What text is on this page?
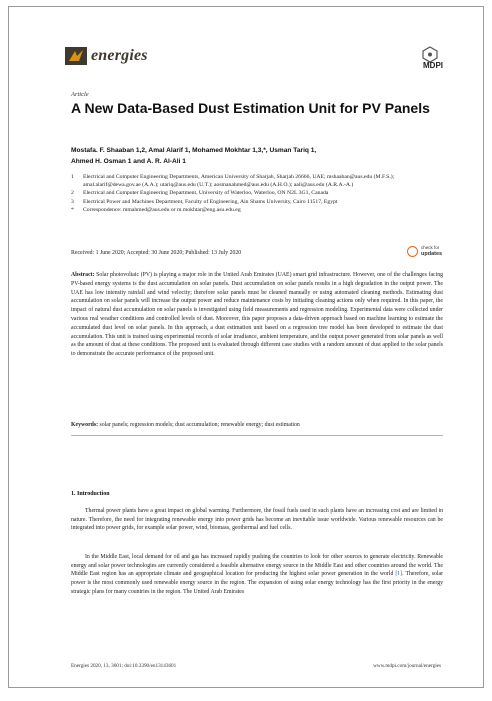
energies
MDPI
Article
A New Data-Based Dust Estimation Unit for PV Panels
Mostafa. F. Shaaban 1,2, Amal Alarif 1, Mohamed Mokhtar 1,3,*, Usman Tariq 1,
Ahmed H. Osman 1 and A. R. Al-Ali 1
1 Electrical and Computer Engineering Departments, American University of Sharjah, Sharjah 26666, UAE; mshaaban@aus.edu (M.F.S.); amal.alarif@dewa.gov.ae (A.A.); utariq@aus.edu (U.T.); aosmanahmed@aus.edu (A.H.O.); aali@aus.edu (A.R.A.-A.)
2 Electrical and Computer Engineering Department, University of Waterloo, Waterloo, ON N2L 3G1, Canada
3 Electrical Power and Machines Department, Faculty of Engineering, Ain Shams University, Cairo 11517, Egypt
* Correspondence: mmahmed@aus.edu or m.mokhtar@eng.asu.edu.eg
Received: 1 June 2020; Accepted: 30 June 2020; Published: 13 July 2020
check for
updates

Abstract: Solar photovoltaic (PV) is playing a major role in the United Arab Emirates (UAE) smart grid infrastructure. However, one of the challenges facing PV-based energy systems is the dust accumulation on solar panels. Dust accumulation on solar panels results in a high degradation in the output power. The UAE has low intensity rainfall and wind velocity; therefore solar panels must be cleaned manually or using automated cleaning methods. Estimating dust accumulation on solar panels will increase the output power and reduce maintenance costs by initiating cleaning actions only when required. In this paper, the impact of natural dust accumulation on solar panels is investigated using field measurements and regression modeling. Experimental data were collected under various real weather conditions and controlled levels of dust. Moreover, this paper proposes a data-driven approach based on machine learning to estimate the accumulated dust level on solar panels. In this approach, a dust estimation unit based on a regression tree model has been developed to estimate the dust accumulation. This unit is trained using experimental records of solar irradiance, ambient temperature, and the output power generated from solar panels as well as the amount of dust at these conditions. The proposed unit is evaluated through different case studies with a random amount of dust applied to the solar panels to demonstrate the accurate performance of the proposed unit.

Keywords: solar panels; regression models; dust accumulation; renewable energy; dust estimation

1. Introduction

Thermal power plants have a great impact on global warming. Furthermore, the fossil fuels used in such plants have an increasing cost and are limited in nature. Therefore, the need for integrating renewable energy into power grids has become an inevitable issue worldwide. Various renewable resources can be integrated into power grids, for example solar power, wind, biomass, geothermal and fuel cells.

In the Middle East, local demand for oil and gas has increased rapidly pushing the countries to look for other sources to generate electricity. Renewable energy and solar power technologies are currently considered a feasible alternative energy source in the Middle East and other countries around the world. The Middle East region has an appropriate climate and geographical location for producing the highest solar power generation in the world [1]. Therefore, solar power is the most commonly used renewable energy source in the region. The expansion of using solar energy technology has the first priority in the energy strategic plans for many countries in the region. The United Arab Emirates

Energies 2020, 13, 3601; doi:10.3390/en13143601	www.mdpi.com/journal/energies
